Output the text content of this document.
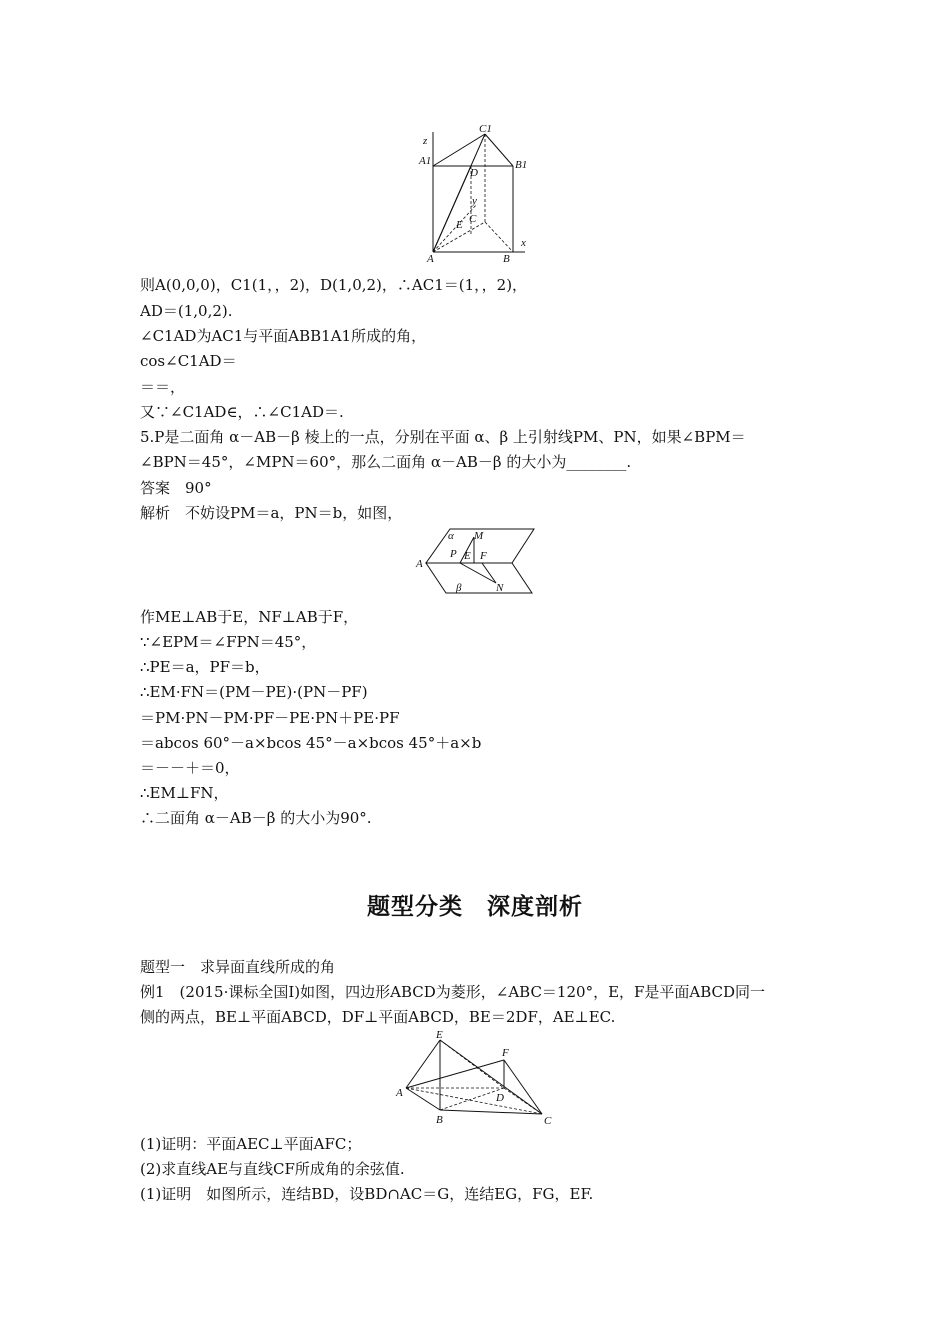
z
C1
A1	B1
D
y
E C
A	B
x
则A(0,0,0)，C1(1，，2)，D(1,0,2)，∴AC1＝(1，，2)，
AD＝(1,0,2).
∠C1AD为AC1与平面ABB1A1所成的角，
cos∠C1AD＝
＝＝，
又∵∠C1AD∈，∴∠C1AD＝.
5.P是二面角 α－AB－β 棱上的一点，分别在平面 α、β 上引射线PM、PN，如果∠BPM＝
∠BPN＝45°，∠MPN＝60°，那么二面角 α－AB－β 的大小为________.
答案　90°
解析　不妨设PM＝a，PN＝b，如图，
α M
P E F
A
β	N
作ME⊥AB于E，NF⊥AB于F，
∵∠EPM＝∠FPN＝45°，
∴PE＝a，PF＝b，
∴EM·FN＝(PM－PE)·(PN－PF)
＝PM·PN－PM·PF－PE·PN＋PE·PF
＝abcos 60°－a×bcos 45°－a×bcos 45°＋a×b
＝－－＋＝0，
∴EM⊥FN，
∴二面角 α－AB－β 的大小为90°.
题型分类　深度剖析
题型一　求异面直线所成的角
例1　(2015·课标全国Ⅰ)如图，四边形ABCD为菱形，∠ABC＝120°，E，F是平面ABCD同一
侧的两点，BE⊥平面ABCD，DF⊥平面ABCD，BE＝2DF，AE⊥EC.
E
F
A	D
B	C
(1)证明：平面AEC⊥平面AFC；
(2)求直线AE与直线CF所成角的余弦值.
(1)证明　如图所示，连结BD，设BD∩AC＝G，连结EG，FG，EF.
